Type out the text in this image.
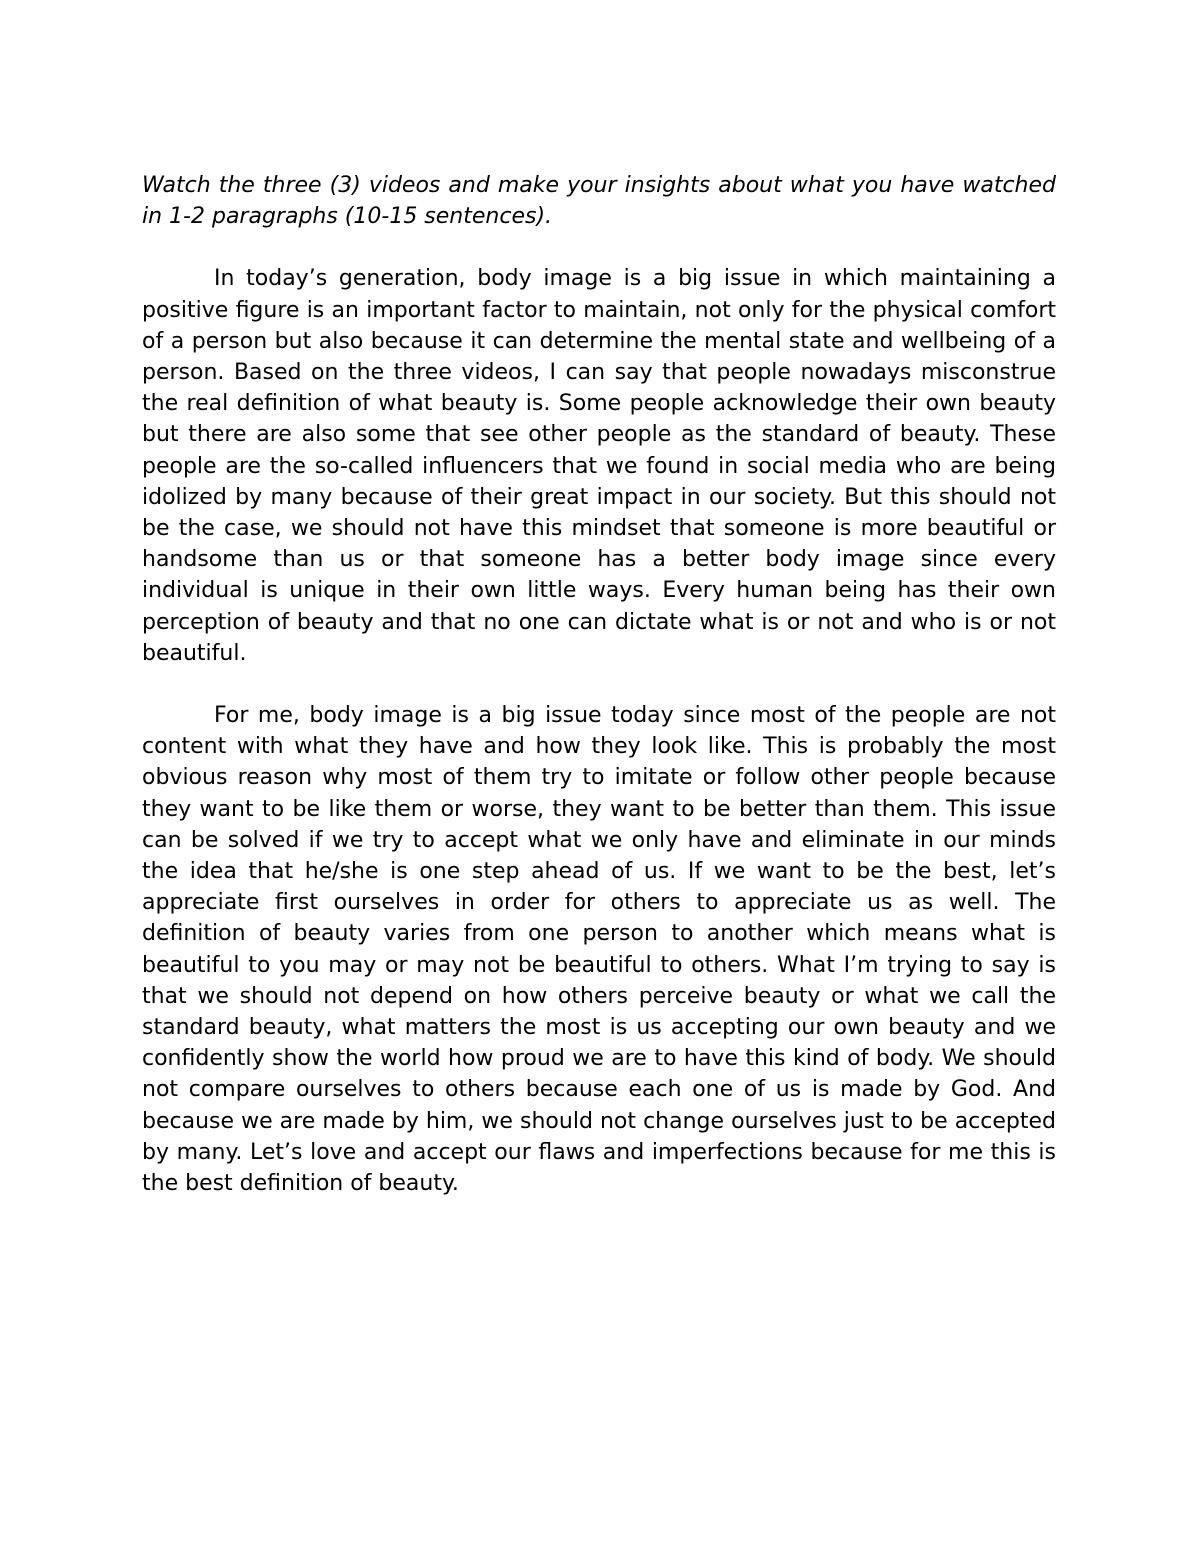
Watch the three (3) videos and make your insights about what you have watched in 1-2 paragraphs (10-15 sentences).

In today’s generation, body image is a big issue in which maintaining a positive figure is an important factor to maintain, not only for the physical comfort of a person but also because it can determine the mental state and wellbeing of a person. Based on the three videos, I can say that people nowadays misconstrue the real definition of what beauty is. Some people acknowledge their own beauty but there are also some that see other people as the standard of beauty. These people are the so-called influencers that we found in social media who are being idolized by many because of their great impact in our society. But this should not be the case, we should not have this mindset that someone is more beautiful or handsome than us or that someone has a better body image since every individual is unique in their own little ways. Every human being has their own perception of beauty and that no one can dictate what is or not and who is or not beautiful.

For me, body image is a big issue today since most of the people are not content with what they have and how they look like. This is probably the most obvious reason why most of them try to imitate or follow other people because they want to be like them or worse, they want to be better than them. This issue can be solved if we try to accept what we only have and eliminate in our minds the idea that he/she is one step ahead of us. If we want to be the best, let’s appreciate first ourselves in order for others to appreciate us as well. The definition of beauty varies from one person to another which means what is beautiful to you may or may not be beautiful to others. What I’m trying to say is that we should not depend on how others perceive beauty or what we call the standard beauty, what matters the most is us accepting our own beauty and we confidently show the world how proud we are to have this kind of body. We should not compare ourselves to others because each one of us is made by God. And because we are made by him, we should not change ourselves just to be accepted by many. Let’s love and accept our flaws and imperfections because for me this is the best definition of beauty.
